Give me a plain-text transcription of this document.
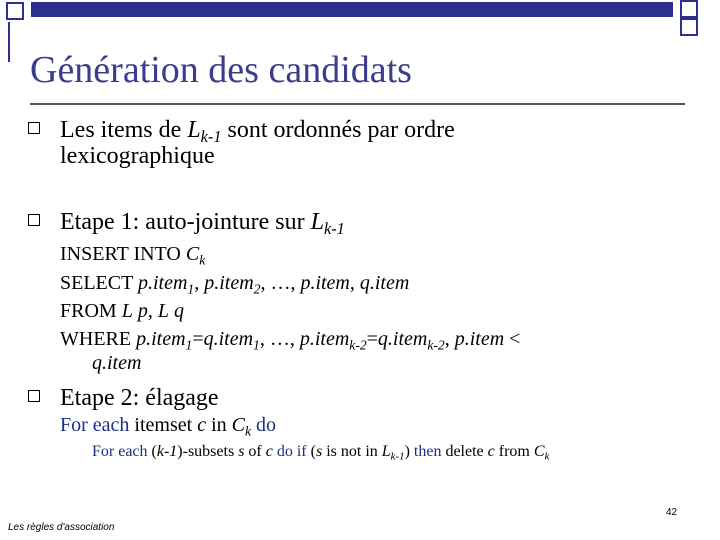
Génération des candidats
Les items de $L_{k-1}$ sont ordonnés par ordre
lexicographique
Etape 1: auto-jointure sur $L_{k-1}$
INSERT INTO $C_k$
SELECT p.item$_1$, p.item$_2$, …, p.item, q.item
FROM L p, L q
WHERE p.item$_1$=q.item$_1$, …, p.item$_{k-2}$=q.item$_{k-2}$, p.item <
q.item
Etape 2: élagage
For each itemset c in $C_k$ do
For each (k-1)-subsets s of c do if (s is not in $L_{k-1}$) then delete c from $C_k$
42
Les règles d'association
